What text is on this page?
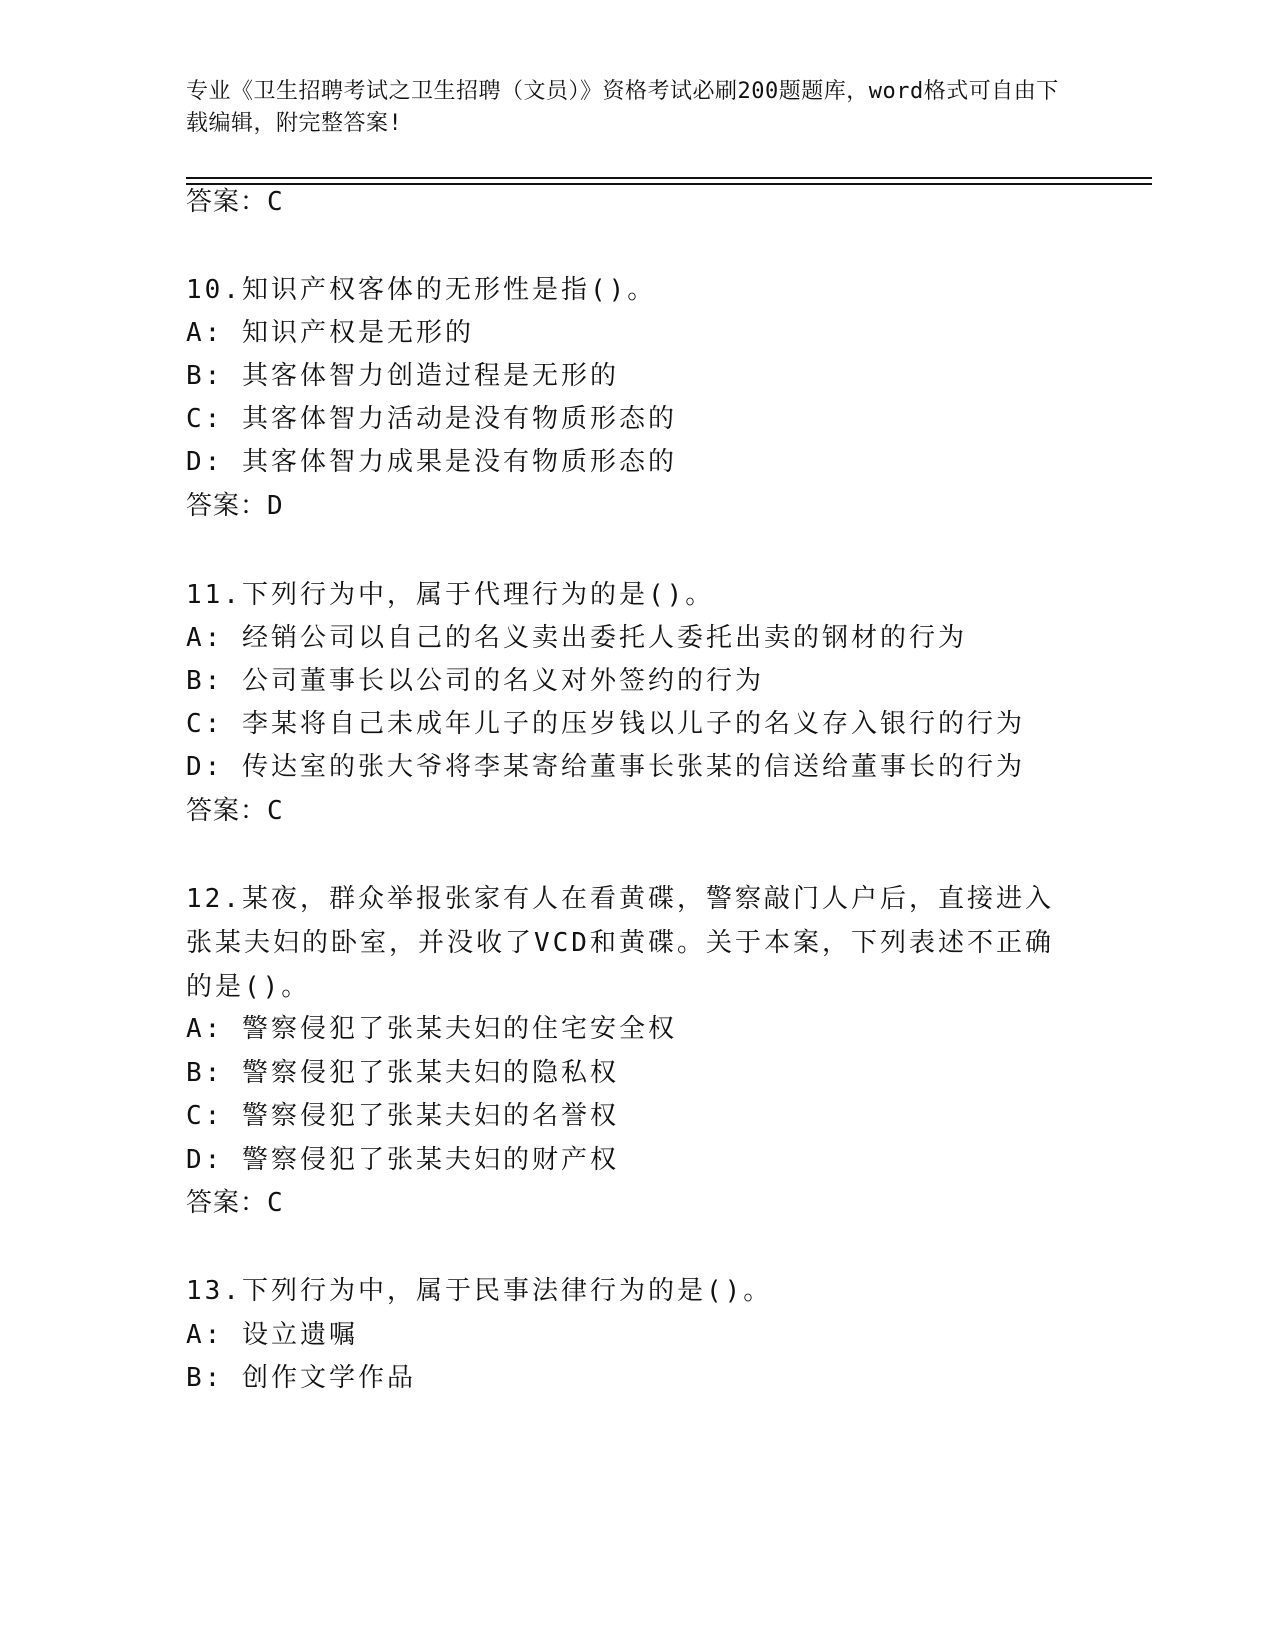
专业《卫生招聘考试之卫生招聘（文员）》资格考试必刷200题题库，word格式可自由下载编辑，附完整答案!
答案：C
10.知识产权客体的无形性是指()。
A: 知识产权是无形的
B: 其客体智力创造过程是无形的
C: 其客体智力活动是没有物质形态的
D: 其客体智力成果是没有物质形态的
答案：D
11.下列行为中，属于代理行为的是()。
A: 经销公司以自己的名义卖出委托人委托出卖的钢材的行为
B: 公司董事长以公司的名义对外签约的行为
C: 李某将自己未成年儿子的压岁钱以儿子的名义存入银行的行为
D: 传达室的张大爷将李某寄给董事长张某的信送给董事长的行为
答案：C
12.某夜，群众举报张家有人在看黄碟，警察敲门人户后，直接进入张某夫妇的卧室，并没收了VCD和黄碟。关于本案，下列表述不正确的是()。
A: 警察侵犯了张某夫妇的住宅安全权
B: 警察侵犯了张某夫妇的隐私权
C: 警察侵犯了张某夫妇的名誉权
D: 警察侵犯了张某夫妇的财产权
答案：C
13.下列行为中，属于民事法律行为的是()。
A: 设立遗嘱
B: 创作文学作品
